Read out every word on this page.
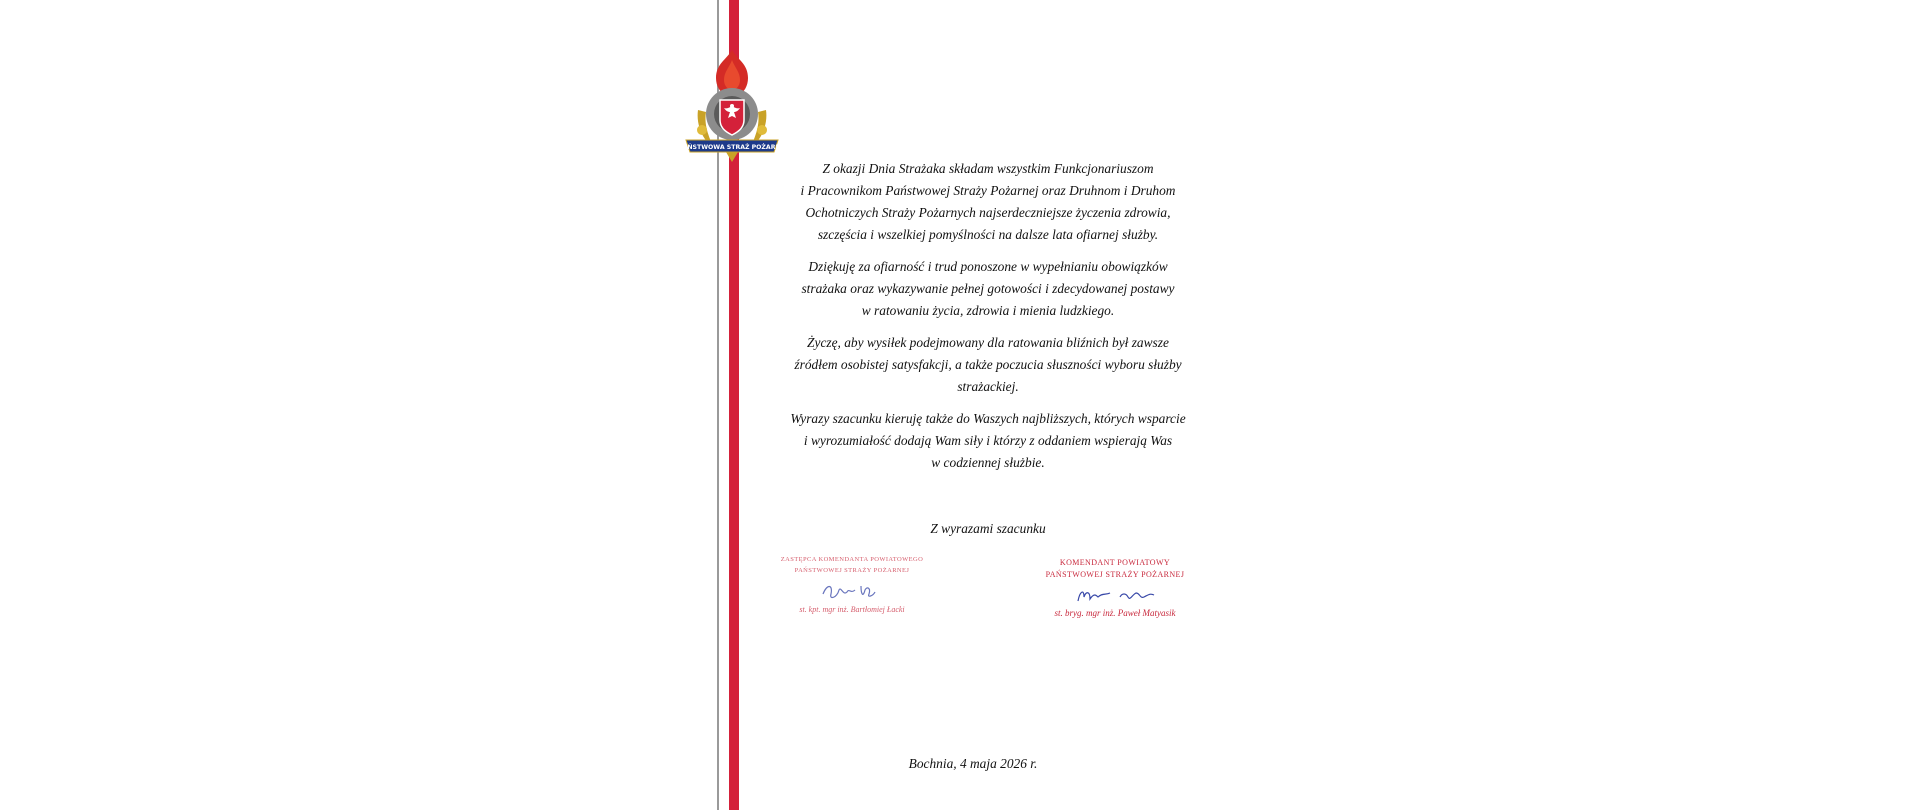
PAŃSTWOWA STRAŻ POŻARNA

Z okazji Dnia Strażaka składam wszystkim Funkcjonariuszom
i Pracownikom Państwowej Straży Pożarnej oraz Druhnom i Druhom
Ochotniczych Straży Pożarnych najserdeczniejsze życzenia zdrowia,
szczęścia i wszelkiej pomyślności na dalsze lata ofiarnej służby.

Dziękuję za ofiarność i trud ponoszone w wypełnianiu obowiązków
strażaka oraz wykazywanie pełnej gotowości i zdecydowanej postawy
w ratowaniu życia, zdrowia i mienia ludzkiego.

Życzę, aby wysiłek podejmowany dla ratowania bliźnich był zawsze
źródłem osobistej satysfakcji, a także poczucia słuszności wyboru służby
strażackiej.

Wyrazy szacunku kieruję także do Waszych najbliższych, których wsparcie
i wyrozumiałość dodają Wam siły i którzy z oddaniem wspierają Was
w codziennej służbie.

Z wyrazami szacunku
ZASTĘPCA KOMENDANTA POWIATOWEGO
PAŃSTWOWEJ STRAŻY POŻARNEJ
st. kpt. mgr inż. Bartłomiej Łacki
KOMENDANT POWIATOWY
PAŃSTWOWEJ STRAŻY POŻARNEJ
st. bryg. mgr inż. Paweł Matyasik
Bochnia, 4 maja 2026 r.
